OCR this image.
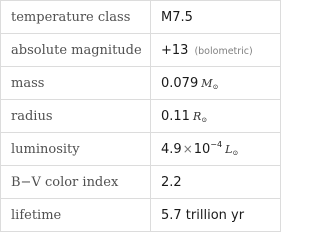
temperature class	M7.5
absolute magnitude	+13 (bolometric)
mass	0.079 $M_⊙$
radius	0.11 $R_⊙$
luminosity	$4.9\times 10^{-4}$ $L_⊙$
B−V color index	2.2
lifetime	5.7 trillion yr
